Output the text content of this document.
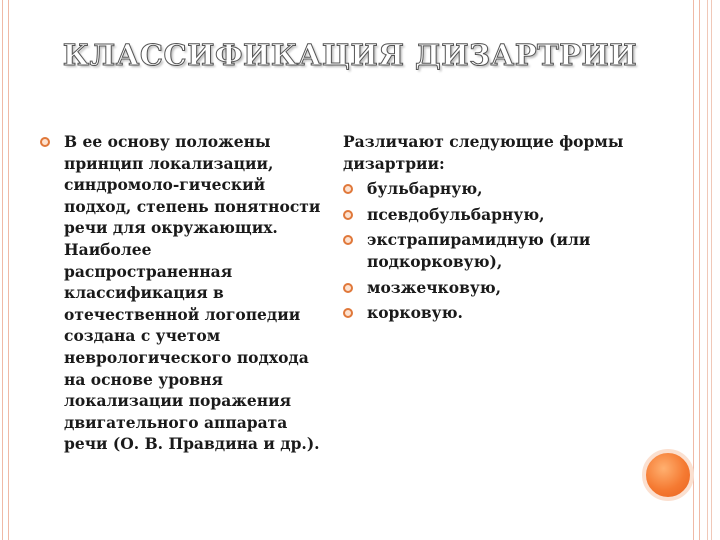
КЛАССИФИКАЦИЯ ДИЗАРТРИИ
В ее основу положены принцип локализации, синдромоло-гический подход, степень понятности речи для окружающих. Наиболее распространенная классификация в отечественной логопедии создана с учетом неврологического подхода на основе уровня локализации поражения двигательного аппарата речи (О. В. Правдина и др.).
Различают следующие формы дизартрии:
бульбарную,
псевдобульбарную,
экстрапирамидную (или подкорковую),
мозжечковую,
корковую.
